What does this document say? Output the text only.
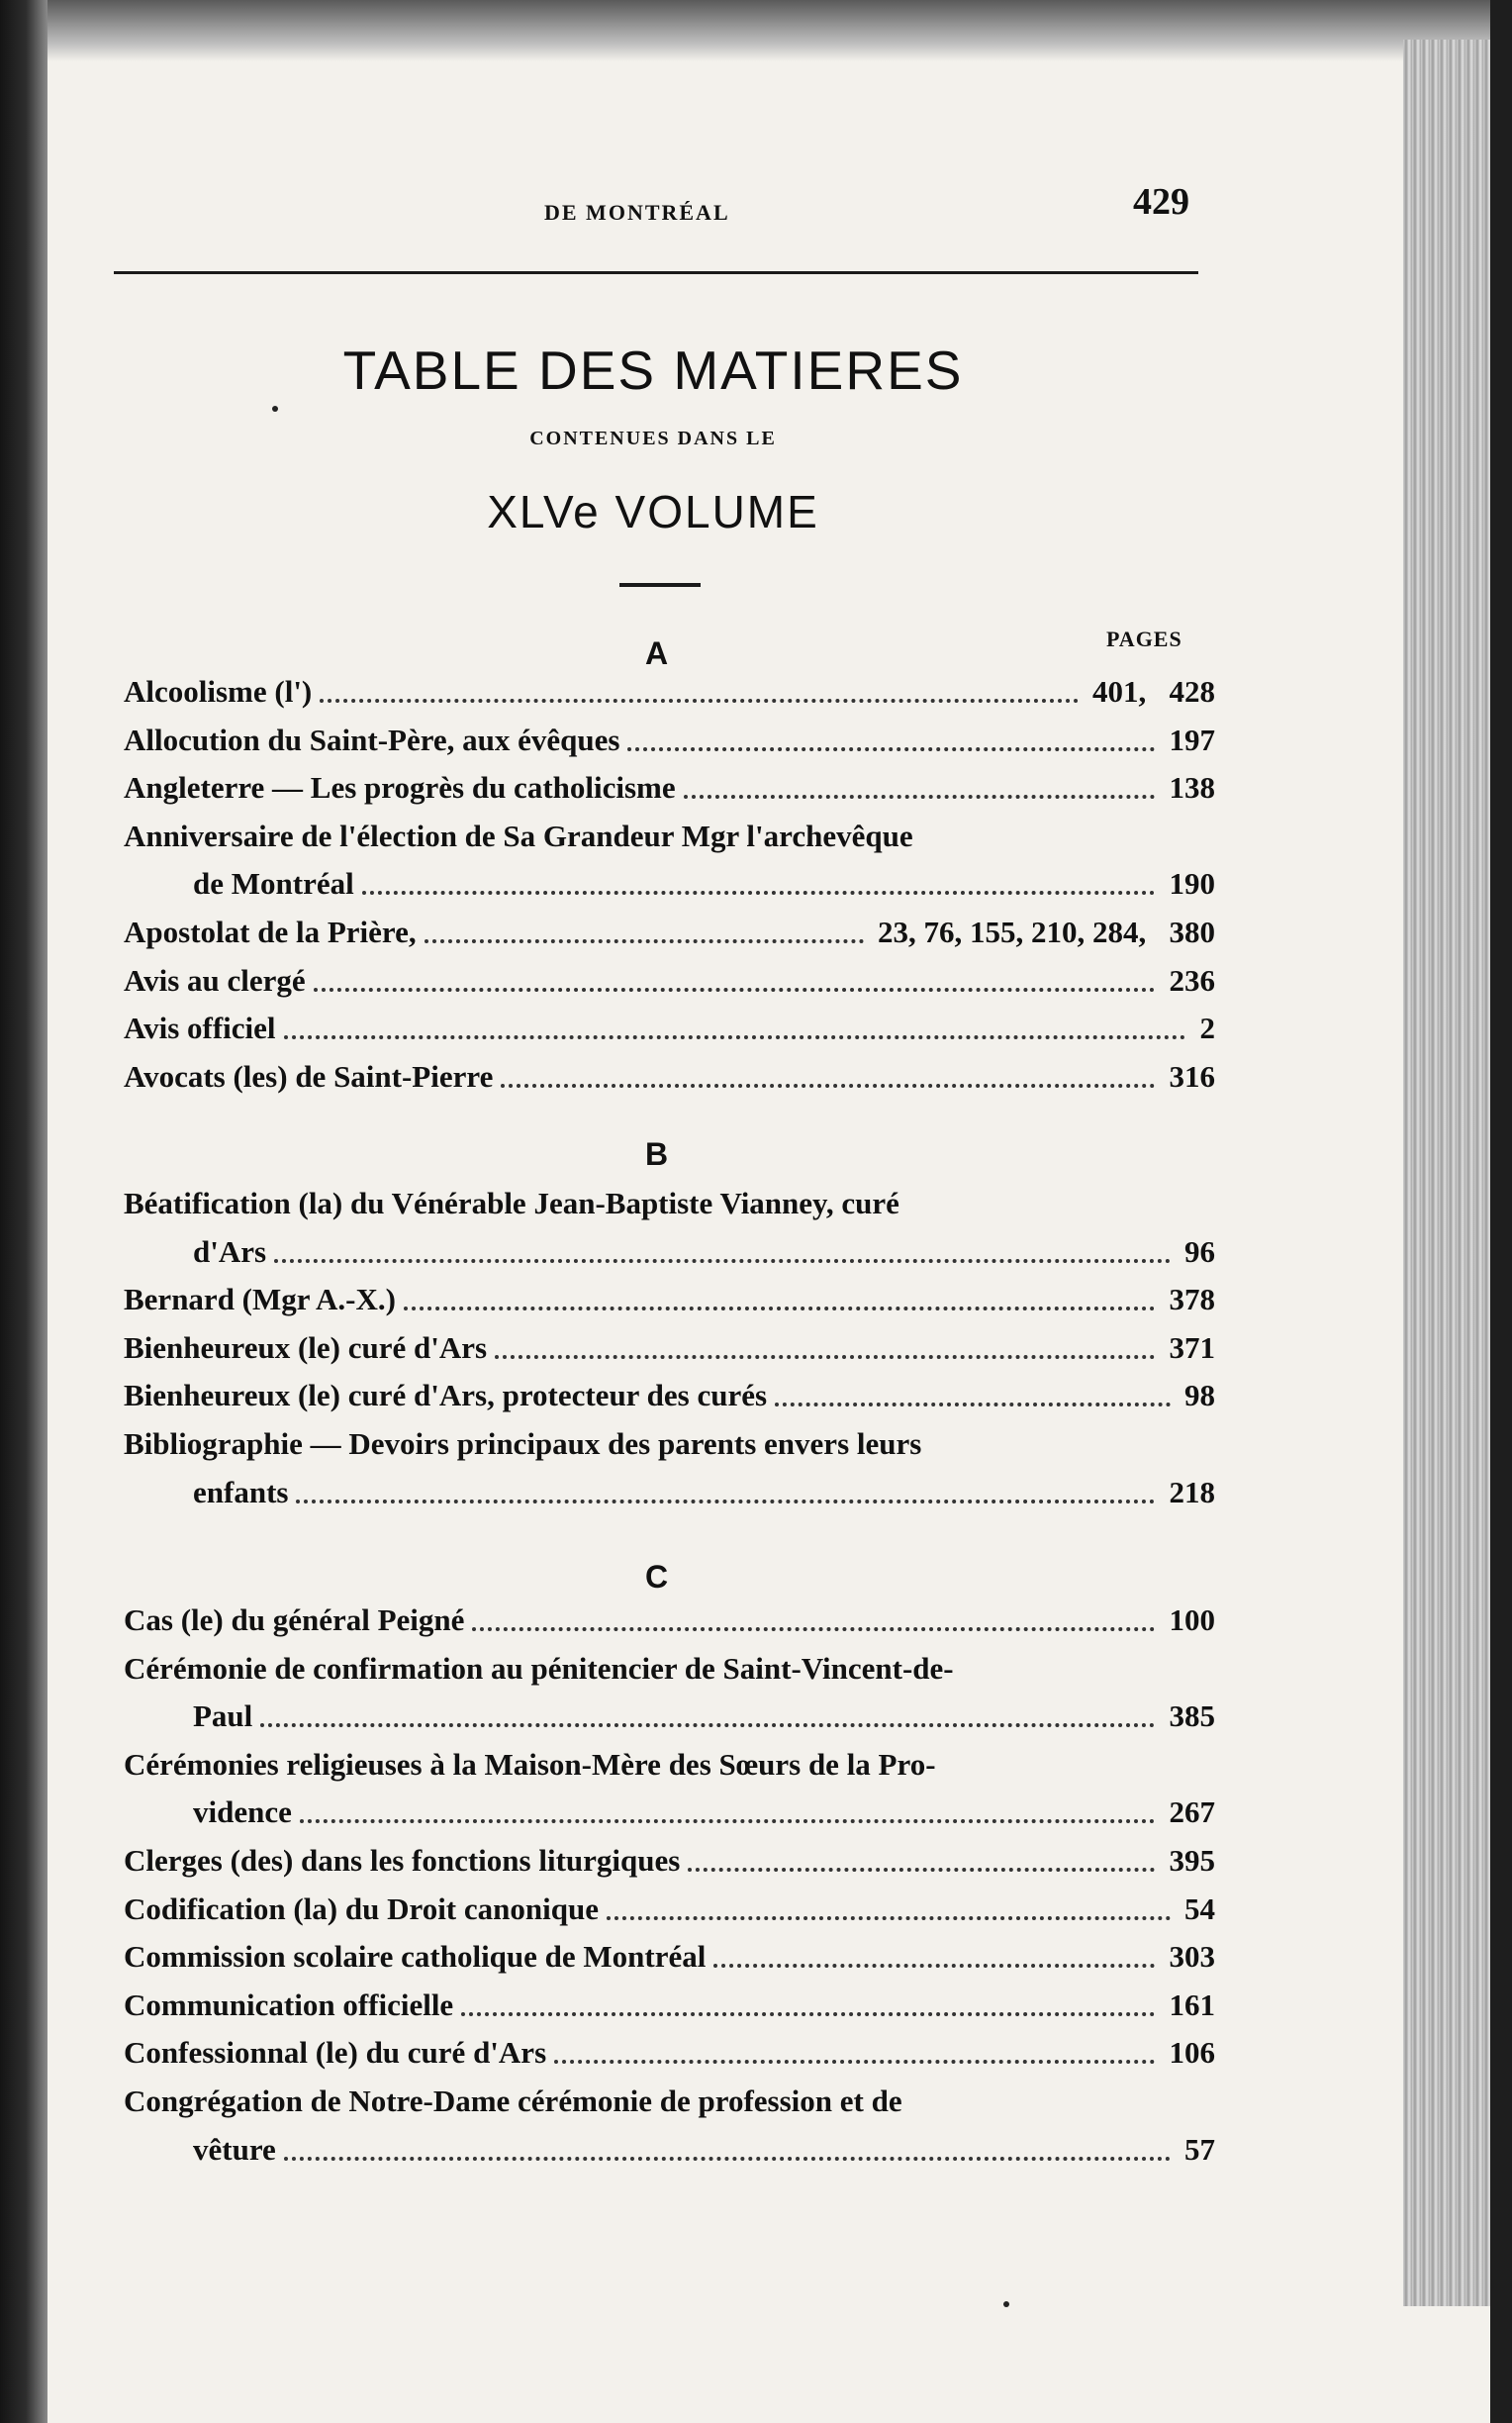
DE MONTRÉAL	429
TABLE DES MATIERES
CONTENUES DANS LE
XLVe VOLUME
PAGES
A
Alcoolisme (l')	401,   428
Allocution du Saint-Père, aux évêques	197
Angleterre — Les progrès du catholicisme	138
Anniversaire de l'élection de Sa Grandeur Mgr l'archevêque
de Montréal	190
Apostolat de la Prière,	23, 76, 155, 210, 284,   380
Avis au clergé	236
Avis officiel	2
Avocats (les) de Saint-Pierre	316
B
Béatification (la) du Vénérable Jean-Baptiste Vianney, curé
d'Ars	96
Bernard (Mgr A.-X.)	378
Bienheureux (le) curé d'Ars	371
Bienheureux (le) curé d'Ars, protecteur des curés	98
Bibliographie — Devoirs principaux des parents envers leurs
enfants	218
C
Cas (le) du général Peigné	100
Cérémonie de confirmation au pénitencier de Saint-Vincent-de-
Paul	385
Cérémonies religieuses à la Maison-Mère des Sœurs de la Pro-
vidence	267
Clerges (des) dans les fonctions liturgiques	395
Codification (la) du Droit canonique	54
Commission scolaire catholique de Montréal	303
Communication officielle	161
Confessionnal (le) du curé d'Ars	106
Congrégation de Notre-Dame cérémonie de profession et de
vêture	57
